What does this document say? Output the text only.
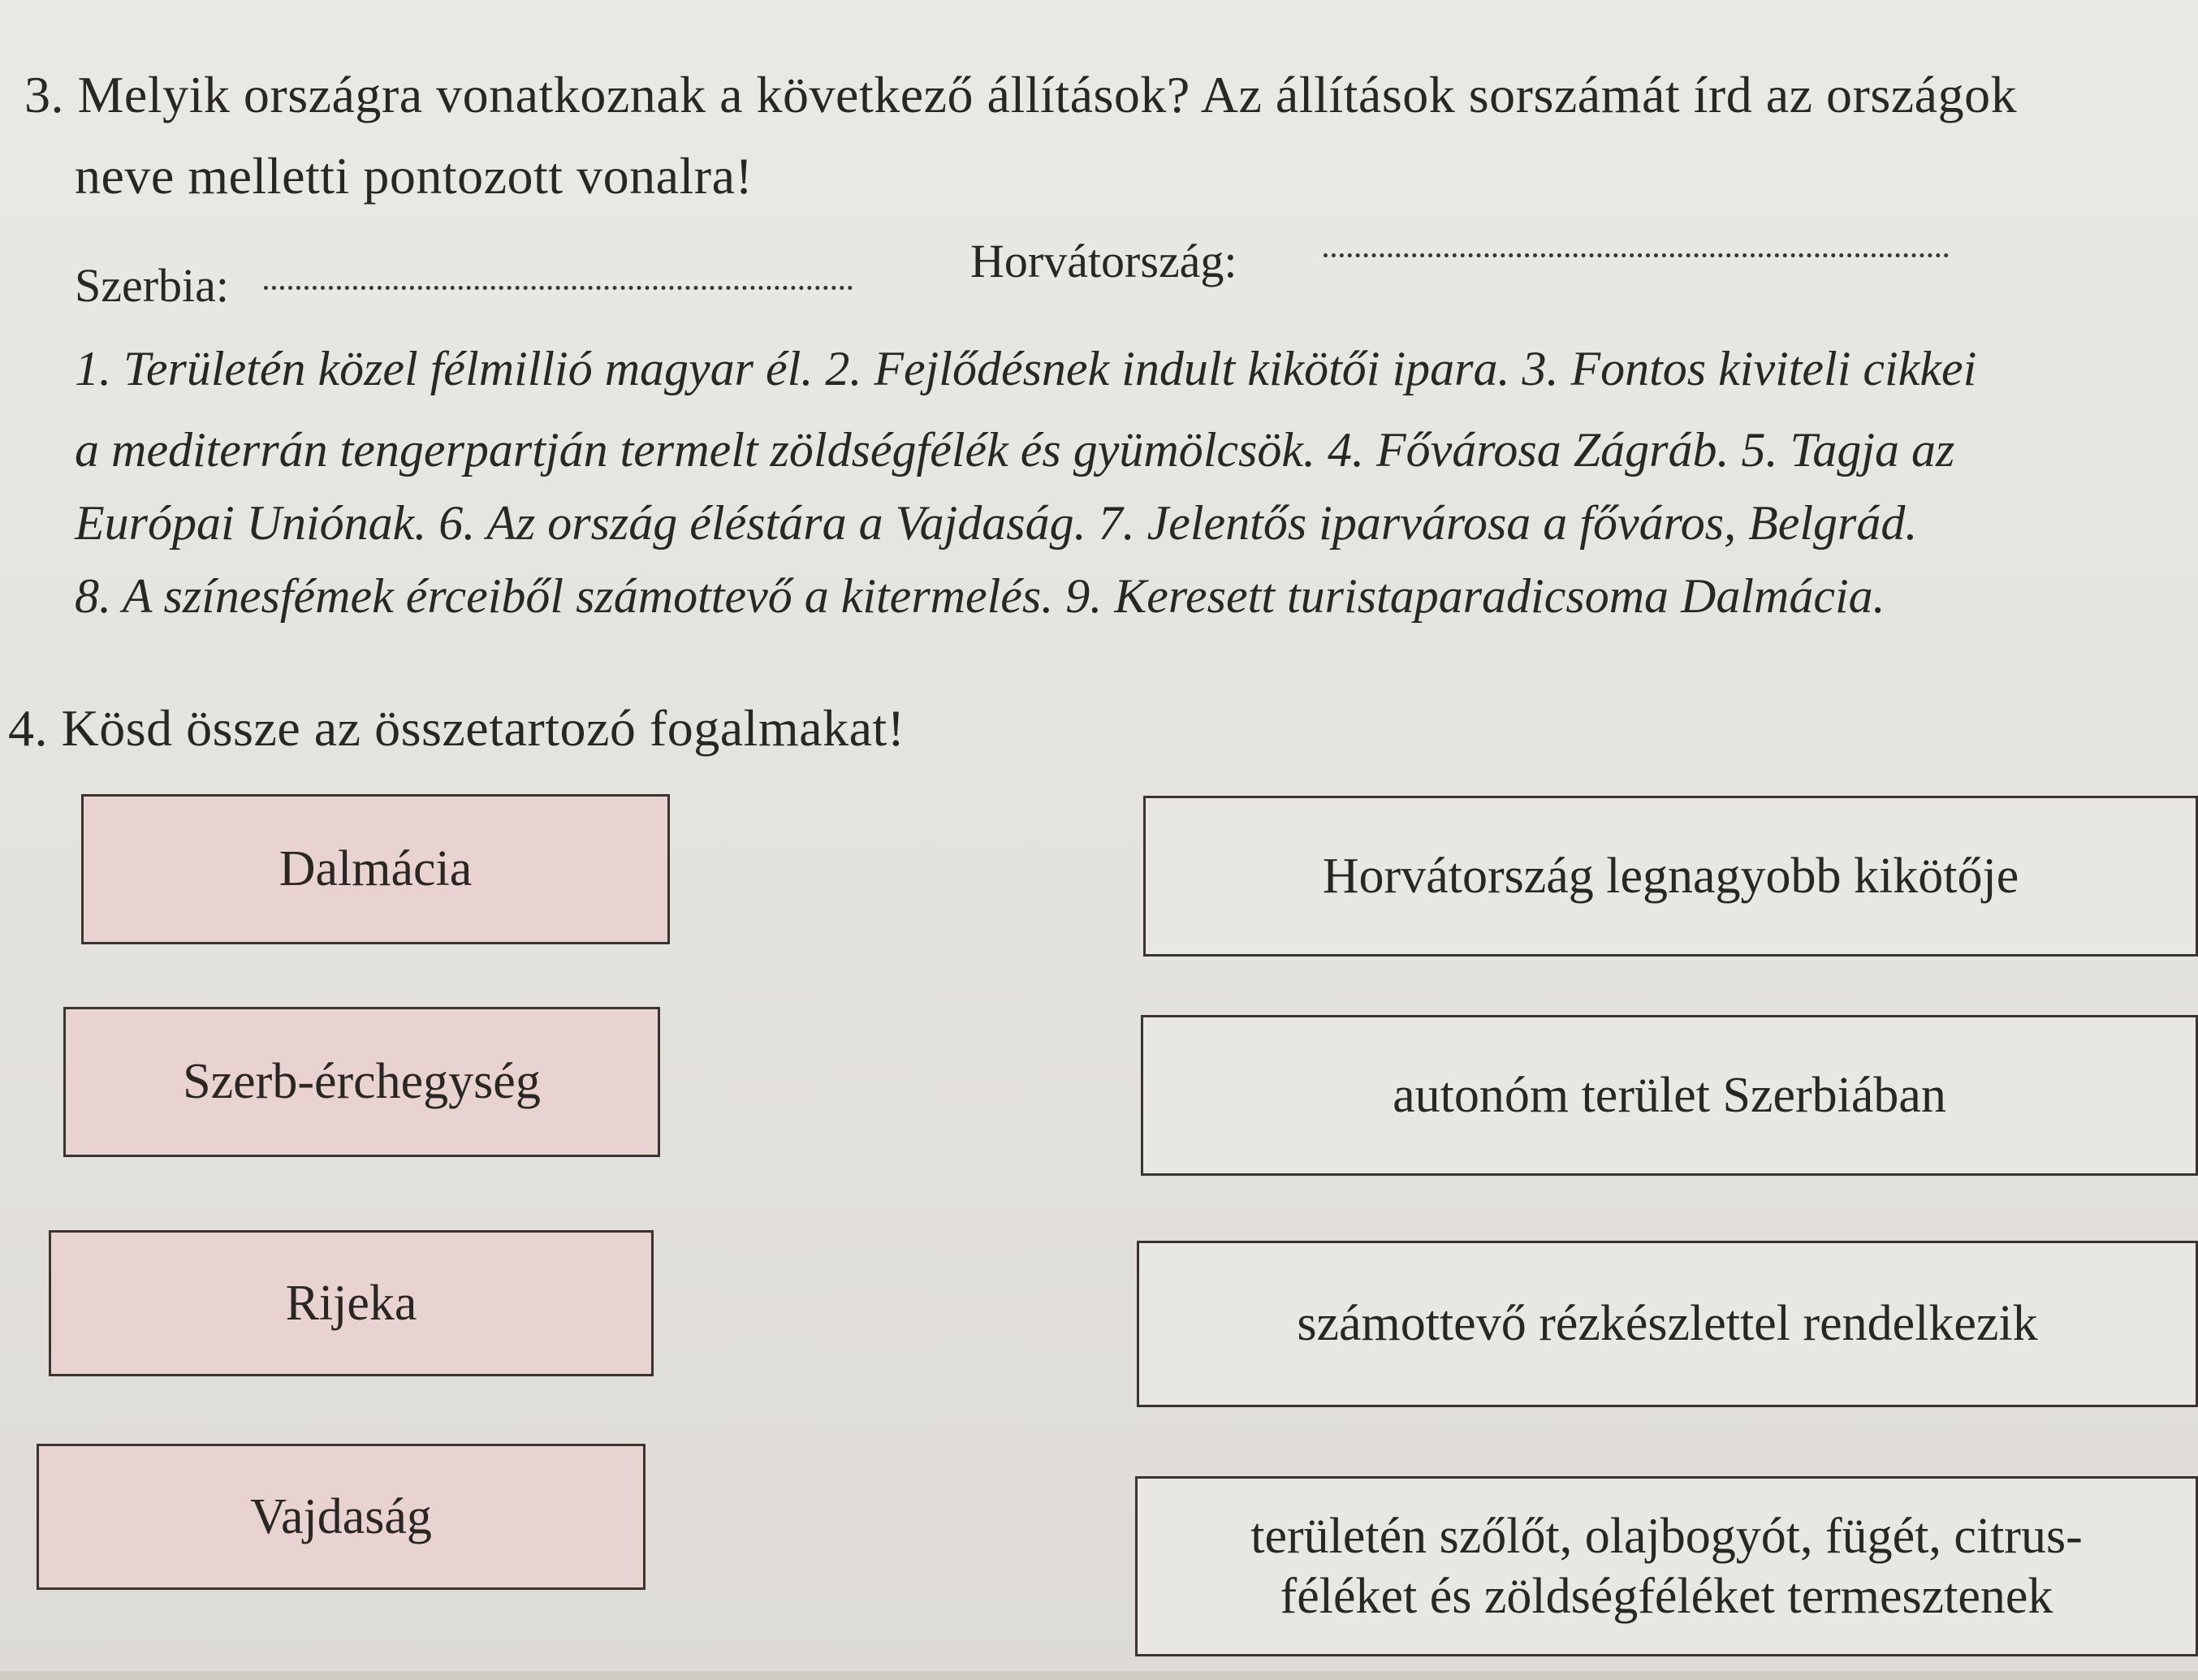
3. Melyik országra vonatkoznak a következő állítások? Az állítások sorszámát írd az országok
neve melletti pontozott vonalra!
Szerbia:	Horvátország:
1. Területén közel félmillió magyar él. 2. Fejlődésnek indult kikötői ipara. 3. Fontos kiviteli cikkei
a mediterrán tengerpartján termelt zöldségfélék és gyümölcsök. 4. Fővárosa Zágráb. 5. Tagja az
Európai Uniónak. 6. Az ország éléstára a Vajdaság. 7. Jelentős iparvárosa a főváros, Belgrád.
8. A színesfémek érceiből számottevő a kitermelés. 9. Keresett turistaparadicsoma Dalmácia.
4. Kösd össze az összetartozó fogalmakat!
Dalmácia
Szerb-érchegység
Rijeka
Vajdaság
Horvátország legnagyobb kikötője
autonóm terület Szerbiában
számottevő rézkészlettel rendelkezik
területén szőlőt, olajbogyót, fügét, citrus-
féléket és zöldségféléket termesztenek
